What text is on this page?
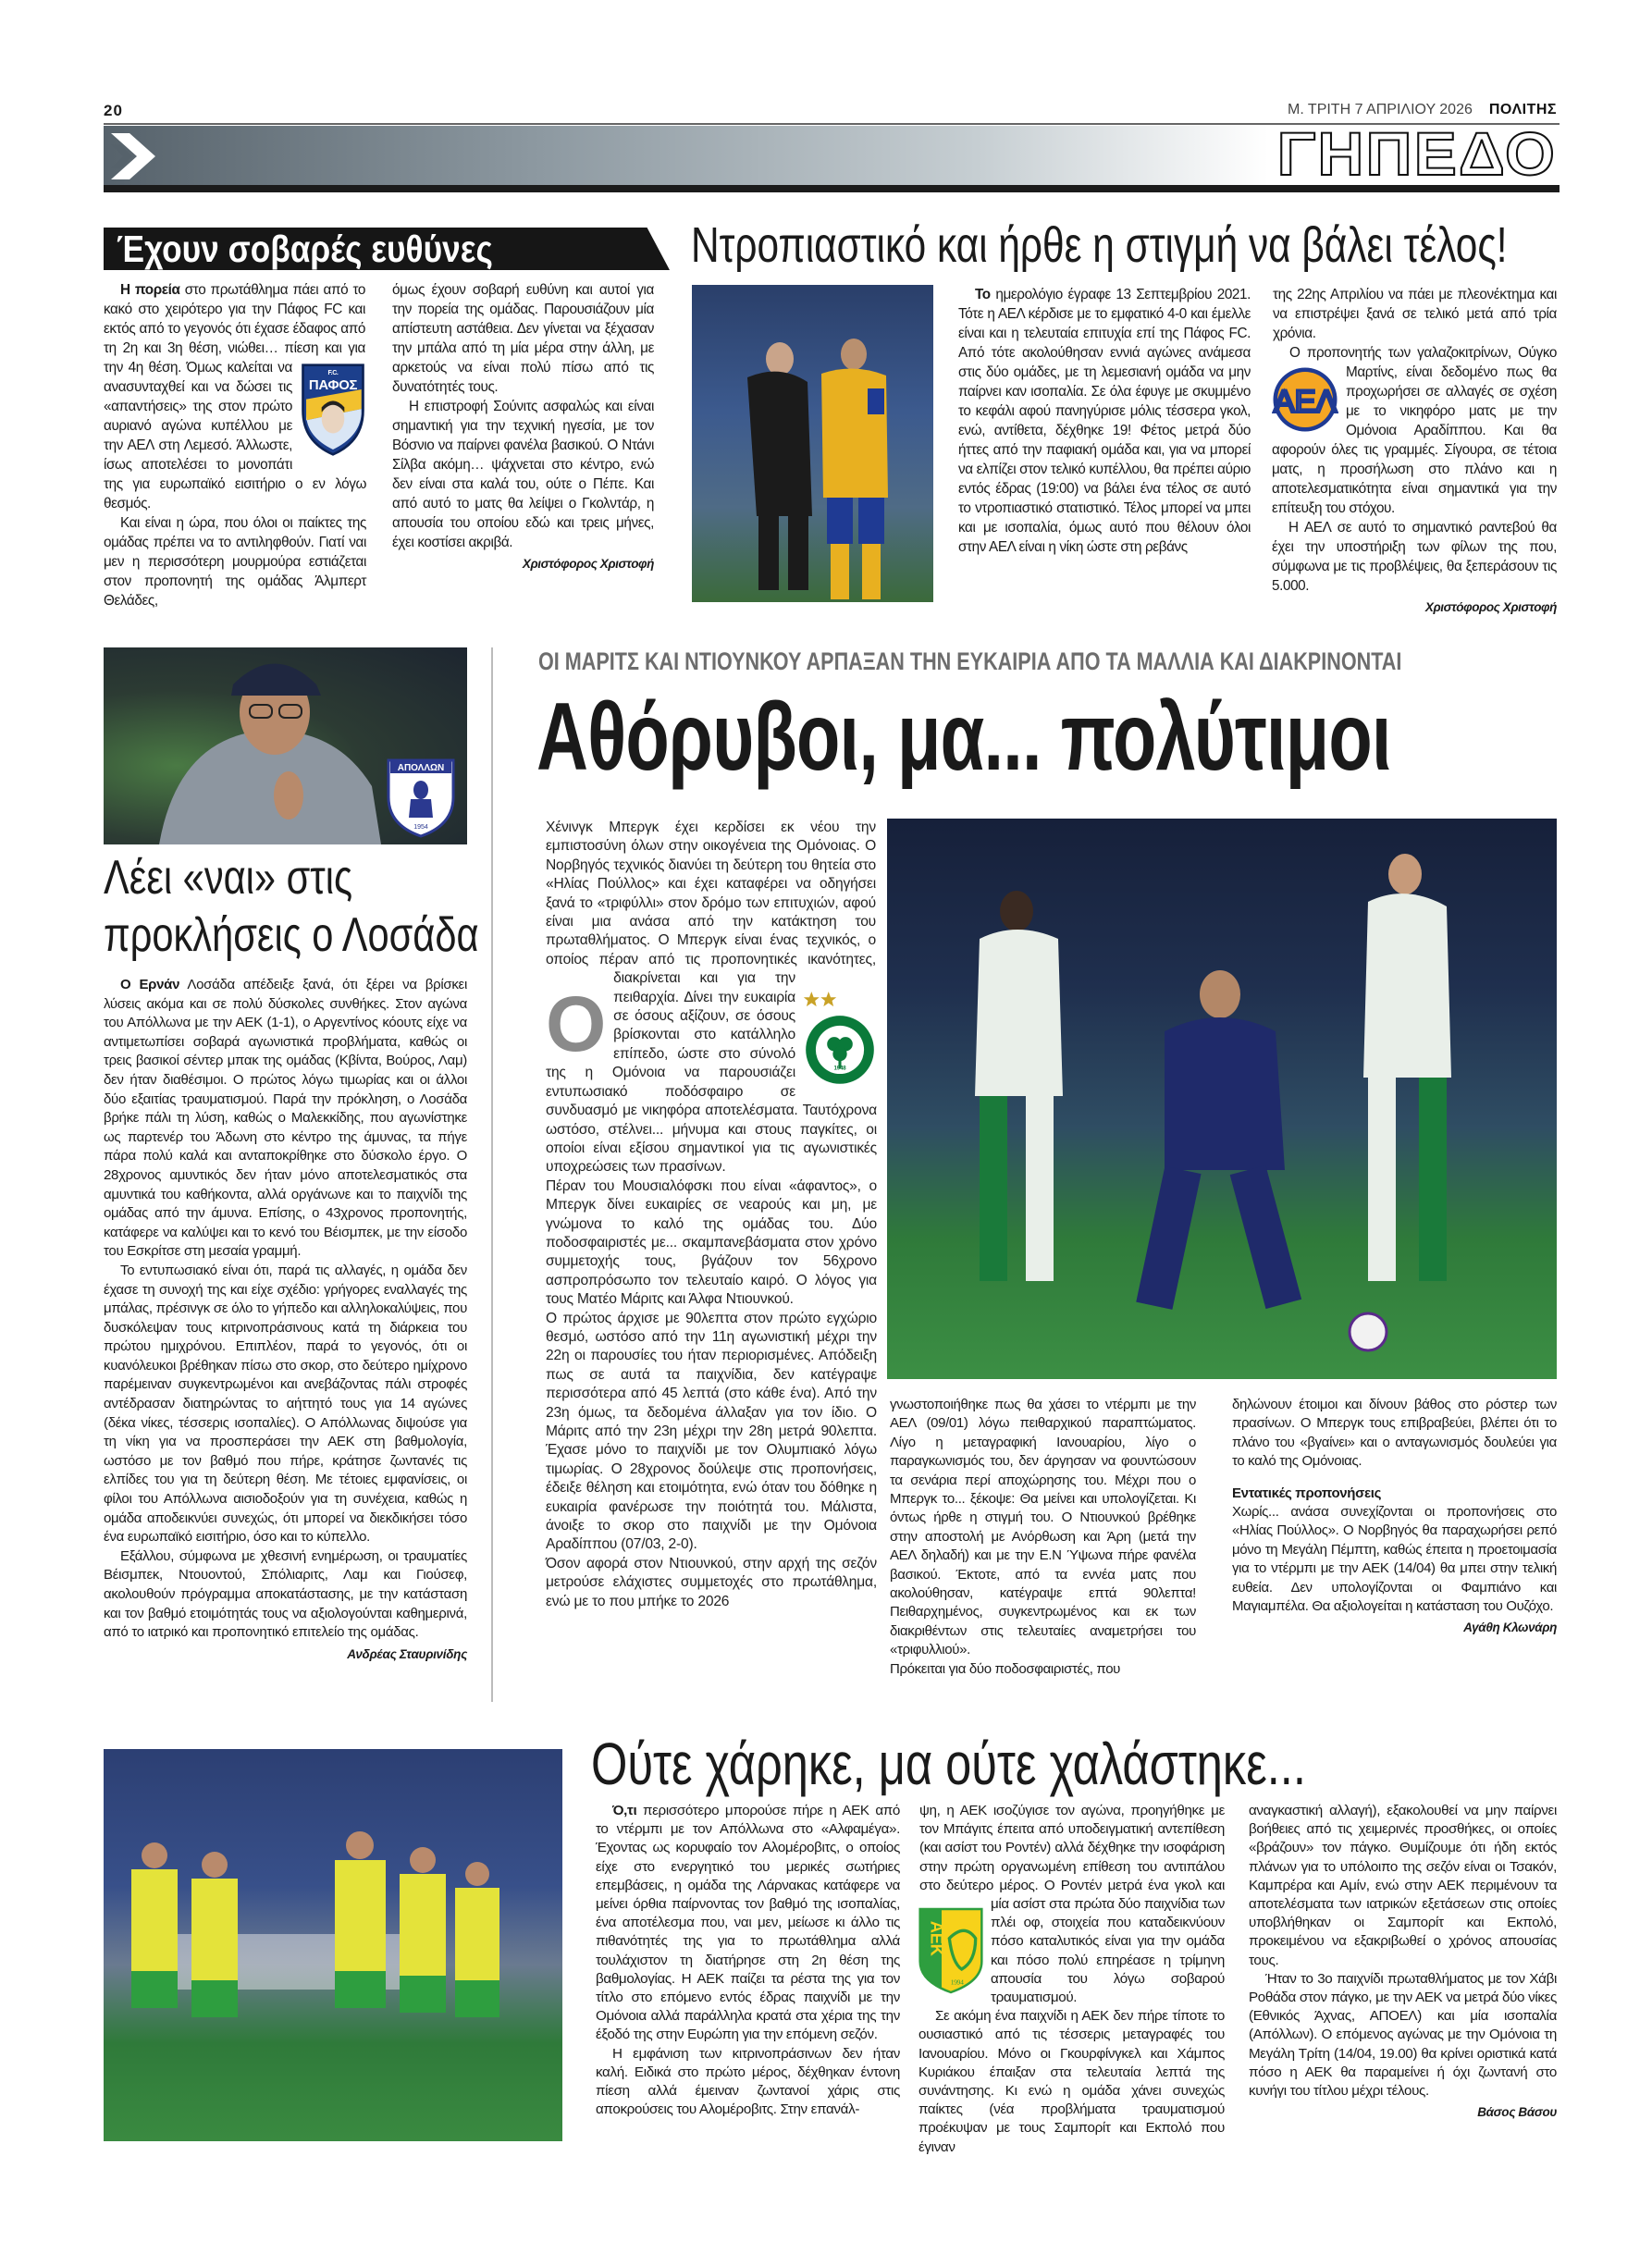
20	Μ. ΤΡΙΤΗ 7 ΑΠΡΙΛΙΟΥ 2026 ΠΟΛΙΤΗΣ
ΓΗΠΕΔΟ
Έχουν σοβαρές ευθύνες
F.C.
ΠΑΦΟΣ

Η πορεία στο πρωτάθλημα πάει από το κακό στο χειρότερο για την Πάφος FC και εκτός από το γεγονός ότι έχασε έδαφος από τη 2η και 3η θέση, νιώθει… πίεση και για την 4η θέση. Όμως καλείται να ανασυνταχθεί και να δώσει τις «απαντήσεις» της στον πρώτο αυριανό αγώνα κυπέλλου με την ΑΕΛ στη Λεμεσό. Άλλωστε, ίσως αποτελέσει το μονοπάτι της για ευρωπαϊκό εισιτήριο ο εν λόγω θεσμός.

Και είναι η ώρα, που όλοι οι παίκτες της ομάδας πρέπει να το αντιληφθούν. Γιατί ναι μεν η περισσότερη μουρμούρα εστιάζεται στον προπονητή της ομάδας Άλμπερτ Θελάδες,

όμως έχουν σοβαρή ευθύνη και αυτοί για την πορεία της ομάδας. Παρουσιάζουν μία απίστευτη αστάθεια. Δεν γίνεται να ξέχασαν την μπάλα από τη μία μέρα στην άλλη, με αρκετούς να είναι πολύ πίσω από τις δυνατότητές τους.

Η επιστροφή Σούνιτς ασφαλώς και είναι σημαντική για την τεχνική ηγεσία, με τον Βόσνιο να παίρνει φανέλα βασικού. Ο Ντάνι Σίλβα ακόμη… ψάχνεται στο κέντρο, ενώ δεν είναι στα καλά του, ούτε ο Πέπε. Και από αυτό το ματς θα λείψει ο Γκολντάρ, η απουσία του οποίου εδώ και τρεις μήνες, έχει κοστίσει ακριβά.

Χριστόφορος Χριστοφή
Ντροπιαστικό και ήρθε η στιγμή να βάλει τέλος!

Το ημερολόγιο έγραφε 13 Σεπτεμβρίου 2021. Τότε η ΑΕΛ κέρδισε με το εμφατικό 4-0 και έμελλε είναι και η τελευταία επιτυχία επί της Πάφος FC. Από τότε ακολούθησαν εννιά αγώνες ανάμεσα στις δύο ομάδες, με τη λεμεσιανή ομάδα να μην παίρνει καν ισοπαλία. Σε όλα έφυγε με σκυμμένο το κεφάλι αφού πανηγύρισε μόλις τέσσερα γκολ, ενώ, αντίθετα, δέχθηκε 19! Φέτος μετρά δύο ήττες από την παφιακή ομάδα και, για να μπορεί να ελπίζει στον τελικό κυπέλλου, θα πρέπει αύριο εντός έδρας (19:00) να βάλει ένα τέλος σε αυτό το ντροπιαστικό στατιστικό. Τέλος μπορεί να μπει και με ισοπαλία, όμως αυτό που θέλουν όλοι στην ΑΕΛ είναι η νίκη ώστε στη ρεβάνς

ΑΕΛ

της 22ης Απριλίου να πάει με πλεονέκτημα και να επιστρέψει ξανά σε τελικό μετά από τρία χρόνια.

Ο προπονητής των γαλαζοκιτρίνων, Ούγκο Μαρτίνς, είναι δεδομένο πως θα προχωρήσει σε αλλαγές σε σχέση με το νικηφόρο ματς με την Ομόνοια Αραδίππου. Και θα αφορούν όλες τις γραμμές. Σίγουρα, σε τέτοια ματς, η προσήλωση στο πλάνο και η αποτελεσματικότητα είναι σημαντικά για την επίτευξη του στόχου.

Η ΑΕΛ σε αυτό το σημαντικό ραντεβού θα έχει την υποστήριξη των φίλων της που, σύμφωνα με τις προβλέψεις, θα ξεπεράσουν τις 5.000.

Χριστόφορος Χριστοφή
ΑΠΟΛΛΩΝ
1954
Λέει «ναι» στις
προκλήσεις ο Λοσάδα

Ο Ερνάν Λοσάδα απέδειξε ξανά, ότι ξέρει να βρίσκει λύσεις ακόμα και σε πολύ δύσκολες συνθήκες. Στον αγώνα του Απόλλωνα με την ΑΕΚ (1-1), ο Αργεντίνος κόουτς είχε να αντιμετωπίσει σοβαρά αγωνιστικά προβλήματα, καθώς οι τρεις βασικοί σέντερ μπακ της ομάδας (Κβίντα, Βούρος, Λαμ) δεν ήταν διαθέσιμοι. Ο πρώτος λόγω τιμωρίας και οι άλλοι δύο εξαιτίας τραυματισμού. Παρά την πρόκληση, ο Λοσάδα βρήκε πάλι τη λύση, καθώς ο Μαλεκκίδης, που αγωνίστηκε ως παρτενέρ του Άδωνη στο κέντρο της άμυνας, τα πήγε πάρα πολύ καλά και ανταποκρίθηκε στο δύσκολο έργο. Ο 28χρονος αμυντικός δεν ήταν μόνο αποτελεσματικός στα αμυντικά του καθήκοντα, αλλά οργάνωνε και το παιχνίδι της ομάδας από την άμυνα. Επίσης, ο 43χρονος προπονητής, κατάφερε να καλύψει και το κενό του Βέισμπεκ, με την είσοδο του Εσκρίτσε στη μεσαία γραμμή.

Το εντυπωσιακό είναι ότι, παρά τις αλλαγές, η ομάδα δεν έχασε τη συνοχή της και είχε σχέδιο: γρήγορες εναλλαγές της μπάλας, πρέσινγκ σε όλο το γήπεδο και αλληλοκαλύψεις, που δυσκόλεψαν τους κιτρινοπράσινους κατά τη διάρκεια του πρώτου ημιχρόνου. Επιπλέον, παρά το γεγονός, ότι οι κυανόλευκοι βρέθηκαν πίσω στο σκορ, στο δεύτερο ημίχρονο παρέμειναν συγκεντρωμένοι και ανεβάζοντας πάλι στροφές αντέδρασαν διατηρώντας το αήττητό τους για 14 αγώνες (δέκα νίκες, τέσσερις ισοπαλίες). Ο Απόλλωνας διψούσε για τη νίκη για να προσπεράσει την ΑΕΚ στη βαθμολογία, ωστόσο με τον βαθμό που πήρε, κράτησε ζωντανές τις ελπίδες του για τη δεύτερη θέση. Με τέτοιες εμφανίσεις, οι φίλοι του Απόλλωνα αισιοδοξούν για τη συνέχεια, καθώς η ομάδα αποδεικνύει συνεχώς, ότι μπορεί να διεκδικήσει τόσο ένα ευρωπαϊκό εισιτήριο, όσο και το κύπελλο.

Εξάλλου, σύμφωνα με χθεσινή ενημέρωση, οι τραυματίες Βέισμπεκ, Ντουοντού, Σπόλιαριτς, Λαμ και Γιούσεφ, ακολουθούν πρόγραμμα αποκατάστασης, με την κατάσταση και τον βαθμό ετοιμότητάς τους να αξιολογούνται καθημερινά, από το ιατρικό και προπονητικό επιτελείο της ομάδας.

Ανδρέας Σταυρινίδης
ΟΙ ΜΑΡΙΤΣ ΚΑΙ ΝΤΙΟΥΝΚΟΥ ΑΡΠΑΞΑΝ ΤΗΝ ΕΥΚΑΙΡΙΑ ΑΠΟ ΤΑ ΜΑΛΛΙΑ ΚΑΙ ΔΙΑΚΡΙΝΟΝΤΑΙ
Αθόρυβοι, μα... πολύτιμοι
1948

Ο
Χένινγκ Μπεργκ έχει κερδίσει εκ νέου την εμπιστοσύνη όλων στην οικογένεια της Ομόνοιας. Ο Νορβηγός τεχνικός διανύει τη δεύτερη του θητεία στο «Ηλίας Πούλλος» και έχει καταφέρει να οδηγήσει ξανά το «τριφύλλι» στον δρόμο των επιτυχιών, αφού είναι μια ανάσα από την κατάκτηση του πρωταθλήματος. Ο Μπεργκ είναι ένας τεχνικός, ο οποίος πέραν από τις προπονητικές ικανότητες, διακρίνεται και για την πειθαρχία. Δίνει την ευκαιρία σε όσους αξίζουν, σε όσους βρίσκονται στο κατάλληλο επίπεδο, ώστε στο σύνολό της η Ομόνοια να παρουσιάζει εντυπωσιακό ποδόσφαιρο σε συνδυασμό με νικηφόρα αποτελέσματα. Ταυτόχρονα ωστόσο, στέλνει... μήνυμα και στους παγκίτες, οι οποίοι είναι εξίσου σημαντικοί για τις αγωνιστικές υποχρεώσεις των πρασίνων.

Πέραν του Μουσιαλόφσκι που είναι «άφαντος», ο Μπεργκ δίνει ευκαιρίες σε νεαρούς και μη, με γνώμονα το καλό της ομάδας του. Δύο ποδοσφαιριστές με... σκαμπανεβάσματα στον χρόνο συμμετοχής τους, βγάζουν τον 56χρονο ασπροπρόσωπο τον τελευταίο καιρό. Ο λόγος για τους Ματέο Μάριτς και Άλφα Ντιουνκού.

Ο πρώτος άρχισε με 90λεπτα στον πρώτο εγχώριο θεσμό, ωστόσο από την 11η αγωνιστική μέχρι την 22η οι παρουσίες του ήταν περιορισμένες. Απόδειξη πως σε αυτά τα παιχνίδια, δεν κατέγραψε περισσότερα από 45 λεπτά (στο κάθε ένα). Από την 23η όμως, τα δεδομένα άλλαξαν για τον ίδιο. Ο Μάριτς από την 23η μέχρι την 28η μετρά 90λεπτα. Έχασε μόνο το παιχνίδι με τον Ολυμπιακό λόγω τιμωρίας. Ο 28χρονος δούλεψε στις προπονήσεις, έδειξε θέληση και ετοιμότητα, ενώ όταν του δόθηκε η ευκαιρία φανέρωσε την ποιότητά του. Μάλιστα, άνοιξε το σκορ στο παιχνίδι με την Ομόνοια Αραδίππου (07/03, 2-0).

Όσον αφορά στον Ντιουνκού, στην αρχή της σεζόν μετρούσε ελάχιστες συμμετοχές στο πρωτάθλημα, ενώ με το που μπήκε το 2026

γνωστοποιήθηκε πως θα χάσει το ντέρμπι με την ΑΕΛ (09/01) λόγω πειθαρχικού παραπτώματος. Λίγο η μεταγραφική Ιανουαρίου, λίγο ο παραγκωνισμός του, δεν άργησαν να φουντώσουν τα σενάρια περί αποχώρησης του. Μέχρι που ο Μπεργκ το... ξέκοψε: Θα μείνει και υπολογίζεται. Κι όντως ήρθε η στιγμή του. Ο Ντιουνκού βρέθηκε στην αποστολή με Ανόρθωση και Άρη (μετά την ΑΕΛ δηλαδή) και με την Ε.Ν Ύψωνα πήρε φανέλα βασικού. Έκτοτε, από τα εννέα ματς που ακολούθησαν, κατέγραψε επτά 90λεπτα! Πειθαρχημένος, συγκεντρωμένος και εκ των διακριθέντων στις τελευταίες αναμετρήσει του «τριφυλλιού».

Πρόκειται για δύο ποδοσφαιριστές, που

δηλώνουν έτοιμοι και δίνουν βάθος στο ρόστερ των πρασίνων. Ο Μπεργκ τους επιβραβεύει, βλέπει ότι το πλάνο του «βγαίνει» και ο ανταγωνισμός δουλεύει για το καλό της Ομόνοιας.

Εντατικές προπονήσεις

Χωρίς... ανάσα συνεχίζονται οι προπονήσεις στο «Ηλίας Πούλλος». Ο Νορβηγός θα παραχωρήσει ρεπό μόνο τη Μεγάλη Πέμπτη, καθώς έπειτα η προετοιμασία για το ντέρμπι με την ΑΕΚ (14/04) θα μπει στην τελική ευθεία. Δεν υπολογίζονται οι Φαμπιάνο και Μαγιαμπέλα. Θα αξιολογείται η κατάσταση του Ουζόχο.

Αγάθη Κλωνάρη
Ούτε χάρηκε, μα ούτε χαλάστηκε...

Ό,τι περισσότερο μπορούσε πήρε η ΑΕΚ από το ντέρμπι με τον Απόλλωνα στο «Αλφαμέγα». Έχοντας ως κορυφαίο τον Αλομέροβιτς, ο οποίος είχε στο ενεργητικό του μερικές σωτήριες επεμβάσεις, η ομάδα της Λάρνακας κατάφερε να μείνει όρθια παίρνοντας τον βαθμό της ισοπαλίας, ένα αποτέλεσμα που, ναι μεν, μείωσε κι άλλο τις πιθανότητές της για το πρωτάθλημα αλλά τουλάχιστον τη διατήρησε στη 2η θέση της βαθμολογίας. Η ΑΕΚ παίζει τα ρέστα της για τον τίτλο στο επόμενο εντός έδρας παιχνίδι με την Ομόνοια αλλά παράλληλα κρατά στα χέρια της την έξοδό της στην Ευρώπη για την επόμενη σεζόν.

Η εμφάνιση των κιτρινοπράσινων δεν ήταν καλή. Ειδικά στο πρώτο μέρος, δέχθηκαν έντονη πίεση αλλά έμειναν ζωντανοί χάρις στις αποκρούσεις του Αλομέροβιτς. Στην επανάλ-

ΑΕΚ
1994

ψη, η ΑΕΚ ισοζύγισε τον αγώνα, προηγήθηκε με τον Μπάγιτς έπειτα από υποδειγματική αντεπίθεση (και ασίστ του Ροντέν) αλλά δέχθηκε την ισοφάριση στην πρώτη οργανωμένη επίθεση του αντιπάλου στο δεύτερο μέρος. Ο Ροντέν μετρά ένα γκολ και μία ασίστ στα πρώτα δύο παιχνίδια των πλέι οφ, στοιχεία που καταδεικνύουν πόσο καταλυτικός είναι για την ομάδα και πόσο πολύ επηρέασε η τρίμηνη απουσία του λόγω σοβαρού τραυματισμού.

Σε ακόμη ένα παιχνίδι η ΑΕΚ δεν πήρε τίποτε το ουσιαστικό από τις τέσσερις μεταγραφές του Ιανουαρίου. Μόνο οι Γκουρφίνγκελ και Χάμπος Κυριάκου έπαιξαν στα τελευταία λεπτά της συνάντησης. Κι ενώ η ομάδα χάνει συνεχώς παίκτες (νέα προβλήματα τραυματισμού προέκυψαν με τους Σαμπορίτ και Εκπολό που έγιναν

αναγκαστική αλλαγή), εξακολουθεί να μην παίρνει βοήθειες από τις χειμερινές προσθήκες, οι οποίες «βράζουν» τον πάγκο. Θυμίζουμε ότι ήδη εκτός πλάνων για το υπόλοιπο της σεζόν είναι οι Τσακόν, Καμπρέρα και Αμίν, ενώ στην ΑΕΚ περιμένουν τα αποτελέσματα των ιατρικών εξετάσεων στις οποίες υποβλήθηκαν οι Σαμπορίτ και Εκπολό, προκειμένου να εξακριβωθεί ο χρόνος απουσίας τους.

Ήταν το 3ο παιχνίδι πρωταθλήματος με τον Χάβι Ροθάδα στον πάγκο, με την ΑΕΚ να μετρά δύο νίκες (Εθνικός Άχνας, ΑΠΟΕΛ) και μία ισοπαλία (Απόλλων). Ο επόμενος αγώνας με την Ομόνοια τη Μεγάλη Τρίτη (14/04, 19.00) θα κρίνει οριστικά κατά πόσο η ΑΕΚ θα παραμείνει ή όχι ζωντανή στο κυνήγι του τίτλου μέχρι τέλους.

Βάσος Βάσου
